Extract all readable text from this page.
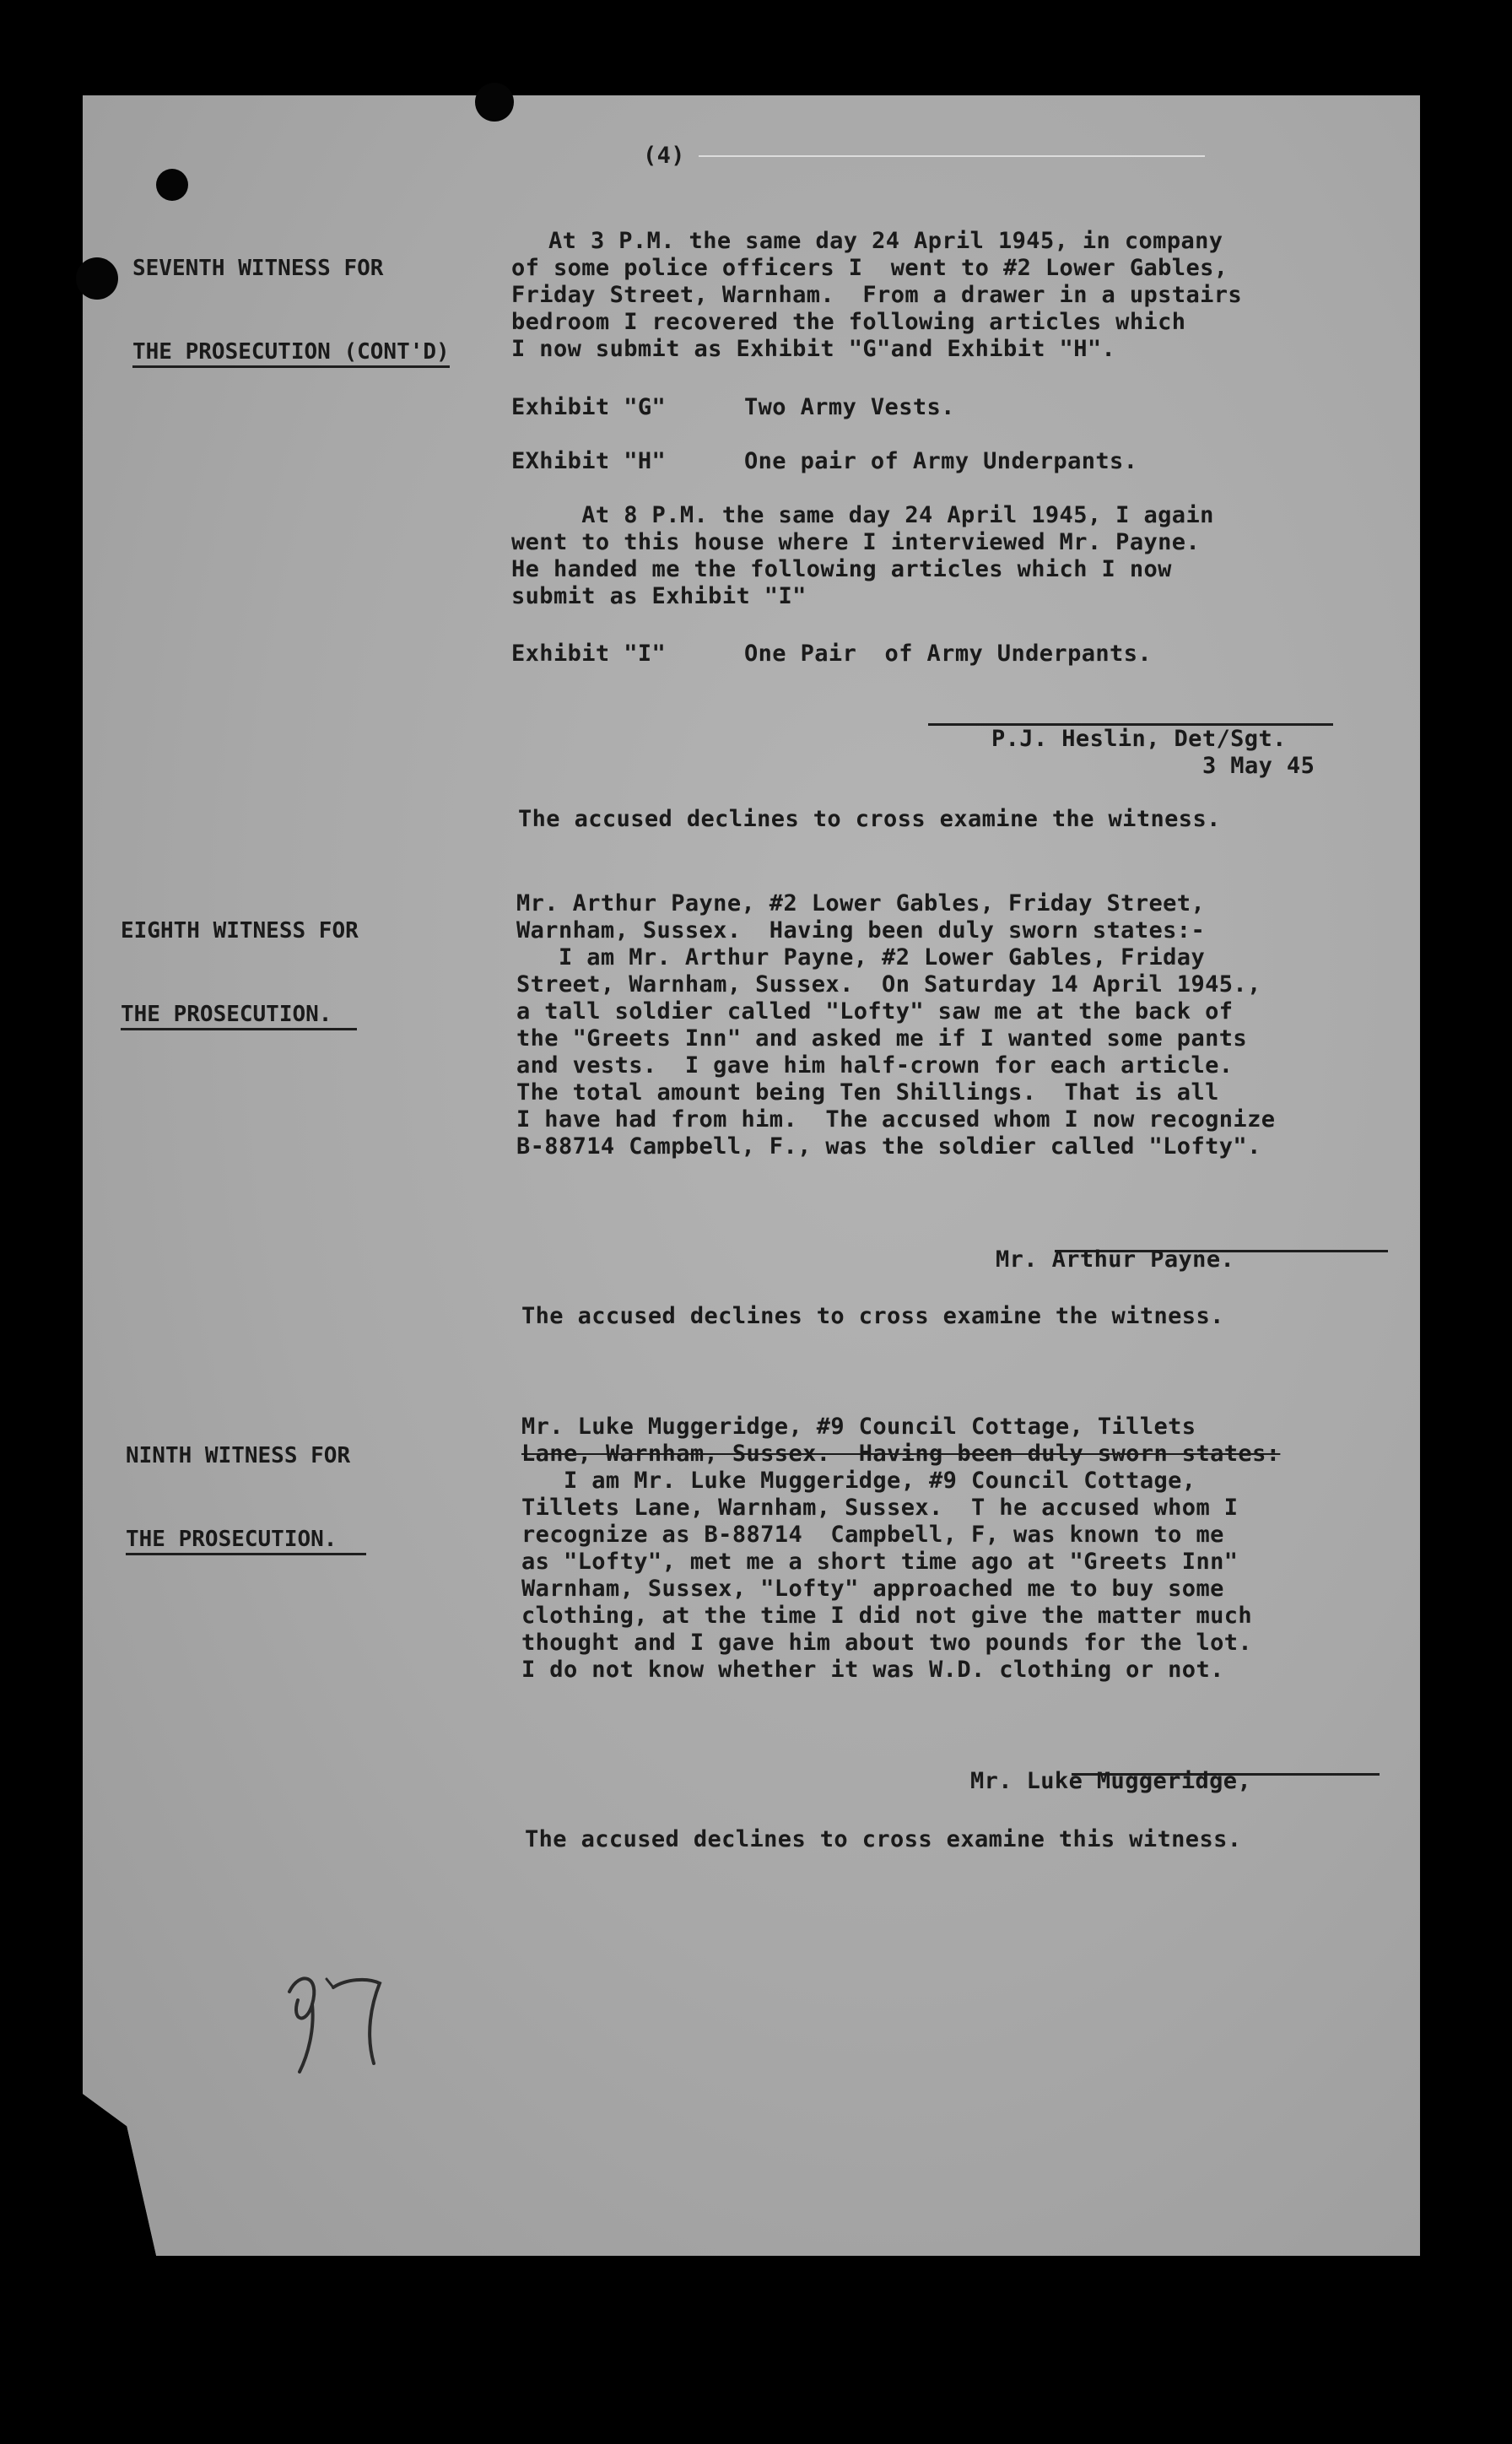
(4)

SEVENTH WITNESS FOR

THE PROSECUTION (CONT'D)

At 3 P.M. the same day 24 April 1945, in company
of some police officers I  went to #2 Lower Gables,
Friday Street, Warnham.  From a drawer in a upstairs
bedroom I recovered the following articles which
I now submit as Exhibit "G"and Exhibit "H".
Exhibit "G"	Two Army Vests.
EXhibit "H"	One pair of Army Underpants.
At 8 P.M. the same day 24 April 1945, I again
went to this house where I interviewed Mr. Payne.
He handed me the following articles which I now
submit as Exhibit "I"
Exhibit "I"	One Pair  of Army Underpants.
P.J. Heslin, Det/Sgt.
3 May 45
The accused declines to cross examine the witness.

EIGHTH WITNESS FOR

THE PROSECUTION.

Mr. Arthur Payne, #2 Lower Gables, Friday Street,
Warnham, Sussex.  Having been duly sworn states:-
I am Mr. Arthur Payne, #2 Lower Gables, Friday
Street, Warnham, Sussex.  On Saturday 14 April 1945.,
a tall soldier called "Lofty" saw me at the back of
the "Greets Inn" and asked me if I wanted some pants
and vests.  I gave him half-crown for each article.
The total amount being Ten Shillings.  That is all
I have had from him.  The accused whom I now recognize
B-88714 Campbell, F., was the soldier called "Lofty".
Mr. Arthur Payne.
The accused declines to cross examine the witness.

NINTH WITNESS FOR

THE PROSECUTION.

Mr. Luke Muggeridge, #9 Council Cottage, Tillets
Lane, Warnham, Sussex.  Having been duly sworn states:
I am Mr. Luke Muggeridge, #9 Council Cottage,
Tillets Lane, Warnham, Sussex.  T he accused whom I
recognize as B-88714  Campbell, F, was known to me
as "Lofty", met me a short time ago at "Greets Inn"
Warnham, Sussex, "Lofty" approached me to buy some
clothing, at the time I did not give the matter much
thought and I gave him about two pounds for the lot.
I do not know whether it was W.D. clothing or not.
Mr. Luke Muggeridge,
The accused declines to cross examine this witness.
